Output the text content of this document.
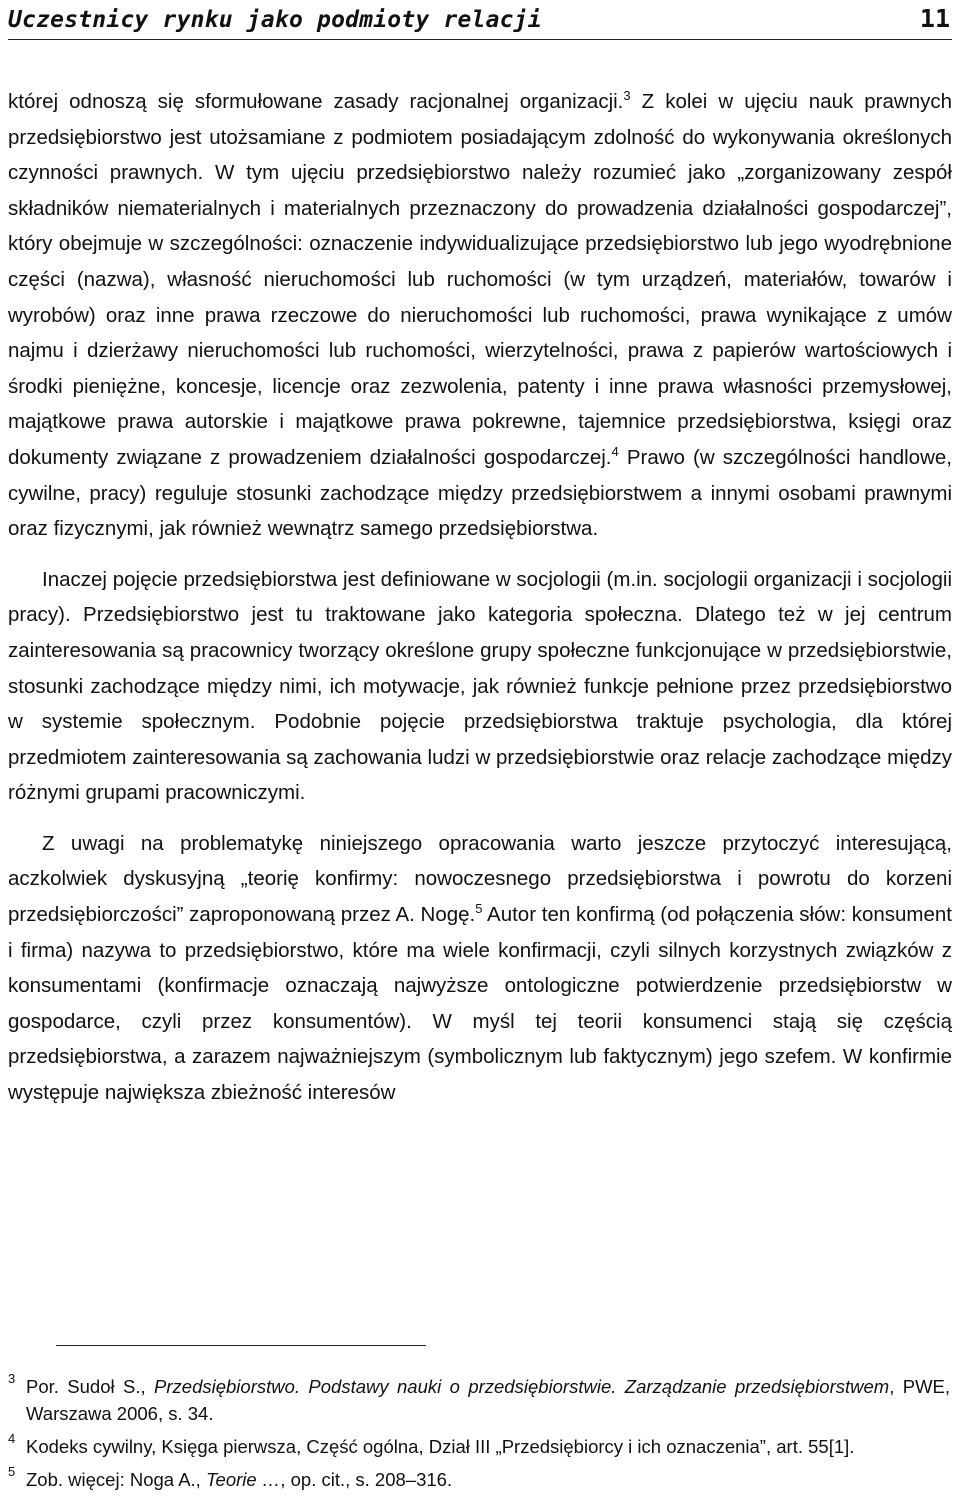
Uczestnicy rynku jako podmioty relacji	11

której odnoszą się sformułowane zasady racjonalnej organizacji.$^3$ Z kolei w ujęciu nauk prawnych przedsiębiorstwo jest utożsamiane z podmiotem posiadającym zdolność do wykonywania określonych czynności prawnych. W tym ujęciu przedsiębiorstwo należy rozumieć jako „zorganizowany zespół składników niematerialnych i materialnych przeznaczony do prowadzenia działalności gospodarczej”, który obejmuje w szczególności: oznaczenie indywidualizujące przedsiębiorstwo lub jego wyodrębnione części (nazwa), własność nieruchomości lub ruchomości (w tym urządzeń, materiałów, towarów i wyrobów) oraz inne prawa rzeczowe do nieruchomości lub ruchomości, prawa wynikające z umów najmu i dzierżawy nieruchomości lub ruchomości, wierzytelności, prawa z papierów wartościowych i środki pieniężne, koncesje, licencje oraz zezwolenia, patenty i inne prawa własności przemysłowej, majątkowe prawa autorskie i majątkowe prawa pokrewne, tajemnice przedsiębiorstwa, księgi oraz dokumenty związane z prowadzeniem działalności gospodarczej.$^4$ Prawo (w szczególności handlowe, cywilne, pracy) reguluje stosunki zachodzące między przedsiębiorstwem a innymi osobami prawnymi oraz fizycznymi, jak również wewnątrz samego przedsiębiorstwa.

Inaczej pojęcie przedsiębiorstwa jest definiowane w socjologii (m.in. socjologii organizacji i socjologii pracy). Przedsiębiorstwo jest tu traktowane jako kategoria społeczna. Dlatego też w jej centrum zainteresowania są pracownicy tworzący określone grupy społeczne funkcjonujące w przedsiębiorstwie, stosunki zachodzące między nimi, ich motywacje, jak również funkcje pełnione przez przedsiębiorstwo w systemie społecznym. Podobnie pojęcie przedsiębiorstwa traktuje psychologia, dla której przedmiotem zainteresowania są zachowania ludzi w przedsiębiorstwie oraz relacje zachodzące między różnymi grupami pracowniczymi.

Z uwagi na problematykę niniejszego opracowania warto jeszcze przytoczyć interesującą, aczkolwiek dyskusyjną „teorię konfirmy: nowoczesnego przedsiębiorstwa i powrotu do korzeni przedsiębiorczości” zaproponowaną przez A. Nogę.$^5$ Autor ten konfirmą (od połączenia słów: konsument i firma) nazywa to przedsiębiorstwo, które ma wiele konfirmacji, czyli silnych korzystnych związków z konsumentami (konfirmacje oznaczają najwyższe ontologiczne potwierdzenie przedsiębiorstw w gospodarce, czyli przez konsumentów). W myśl tej teorii konsumenci stają się częścią przedsiębiorstwa, a zarazem najważniejszym (symbolicznym lub faktycznym) jego szefem. W konfirmie występuje największa zbieżność interesów

3 Por. Sudoł S., Przedsiębiorstwo. Podstawy nauki o przedsiębiorstwie. Zarządzanie przedsiębiorstwem, PWE, Warszawa 2006, s. 34.
4 Kodeks cywilny, Księga pierwsza, Część ogólna, Dział III „Przedsiębiorcy i ich oznaczenia”, art. 55[1].
5 Zob. więcej: Noga A., Teorie …, op. cit., s. 208–316.
